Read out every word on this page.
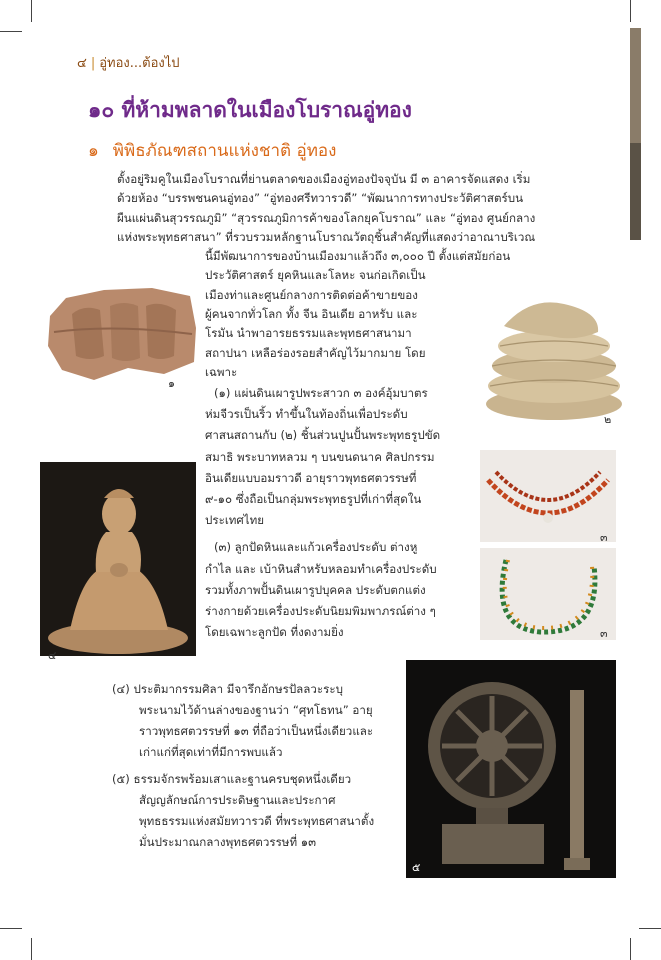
๔ | อู่ทอง...ต้องไป
๑๐ ที่ห้ามพลาดในเมืองโบราณอู่ทอง
๑ พิพิธภัณฑสถานแห่งชาติ อู่ทอง
ตั้งอยู่ริมคูในเมืองโบราณที่ย่านตลาดของเมืองอู่ทองปัจจุบัน มี ๓ อาคารจัดแสดง เริ่ม
ด้วยห้อง “บรรพชนคนอู่ทอง” “อู่ทองศรีทวารวดี” “พัฒนาการทางประวัติศาสตร์บน
ผืนแผ่นดินสุวรรณภูมิ” “สุวรรณภูมิการค้าของโลกยุคโบราณ” และ “อู่ทอง ศูนย์กลาง
แห่งพระพุทธศาสนา” ที่รวบรวมหลักฐานโบราณวัตถุชิ้นสำคัญที่แสดงว่าอาณาบริเวณ
นี้มีพัฒนาการของบ้านเมืองมาแล้วถึง ๓,๐๐๐ ปี ตั้งแต่สมัยก่อน
ประวัติศาสตร์ ยุคหินและโลหะ จนก่อเกิดเป็น
เมืองท่าและศูนย์กลางการติดต่อค้าขายของ
ผู้คนจากทั่วโลก ทั้ง จีน อินเดีย อาหรับ และ
โรมัน นำพาอารยธรรมและพุทธศาสนามา
สถาปนา เหลือร่องรอยสำคัญไว้มากมาย โดย
เฉพาะ
(๑) แผ่นดินเผารูปพระสาวก ๓ องค์อุ้มบาตร
ห่มจีวรเป็นริ้ว ทำขึ้นในท้องถิ่นเพื่อประดับ
ศาสนสถานกับ (๒) ชิ้นส่วนปูนปั้นพระพุทธรูปขัด
สมาธิ พระบาทหลวม ๆ บนขนดนาค ศิลปกรรม
อินเดียแบบอมราวดี อายุราวพุทธศตวรรษที่
๙-๑๐ ซึ่งถือเป็นกลุ่มพระพุทธรูปที่เก่าที่สุดใน
ประเทศไทย
(๓) ลูกปัดหินและแก้วเครื่องประดับ ต่างหู
กำไล และ เบ้าหินสำหรับหลอมทำเครื่องประดับ
รวมทั้งภาพปั้นดินเผารูปบุคคล ประดับตกแต่ง
ร่างกายด้วยเครื่องประดับนิยมพิมพาภรณ์ต่าง ๆ
โดยเฉพาะลูกปัด ที่งดงามยิ่ง
(๔) ประติมากรรมศิลา มีจารึกอักษรปัลลวะระบุ
พระนามไว้ด้านล่างของฐานว่า “ศุทโธทน” อายุ
ราวพุทธศตวรรษที่ ๑๓ ที่ถือว่าเป็นหนึ่งเดียวและ
เก่าแก่ที่สุดเท่าที่มีการพบแล้ว
(๕) ธรรมจักรพร้อมเสาและฐานครบชุดหนึ่งเดียว
สัญญลักษณ์การประดิษฐานและประกาศ
พุทธธรรมแห่งสมัยทวารวดี ที่พระพุทธศาสนาตั้ง
มั่นประมาณกลางพุทธศตวรรษที่ ๑๓
๑
๒
๓
๓
๔
๕
